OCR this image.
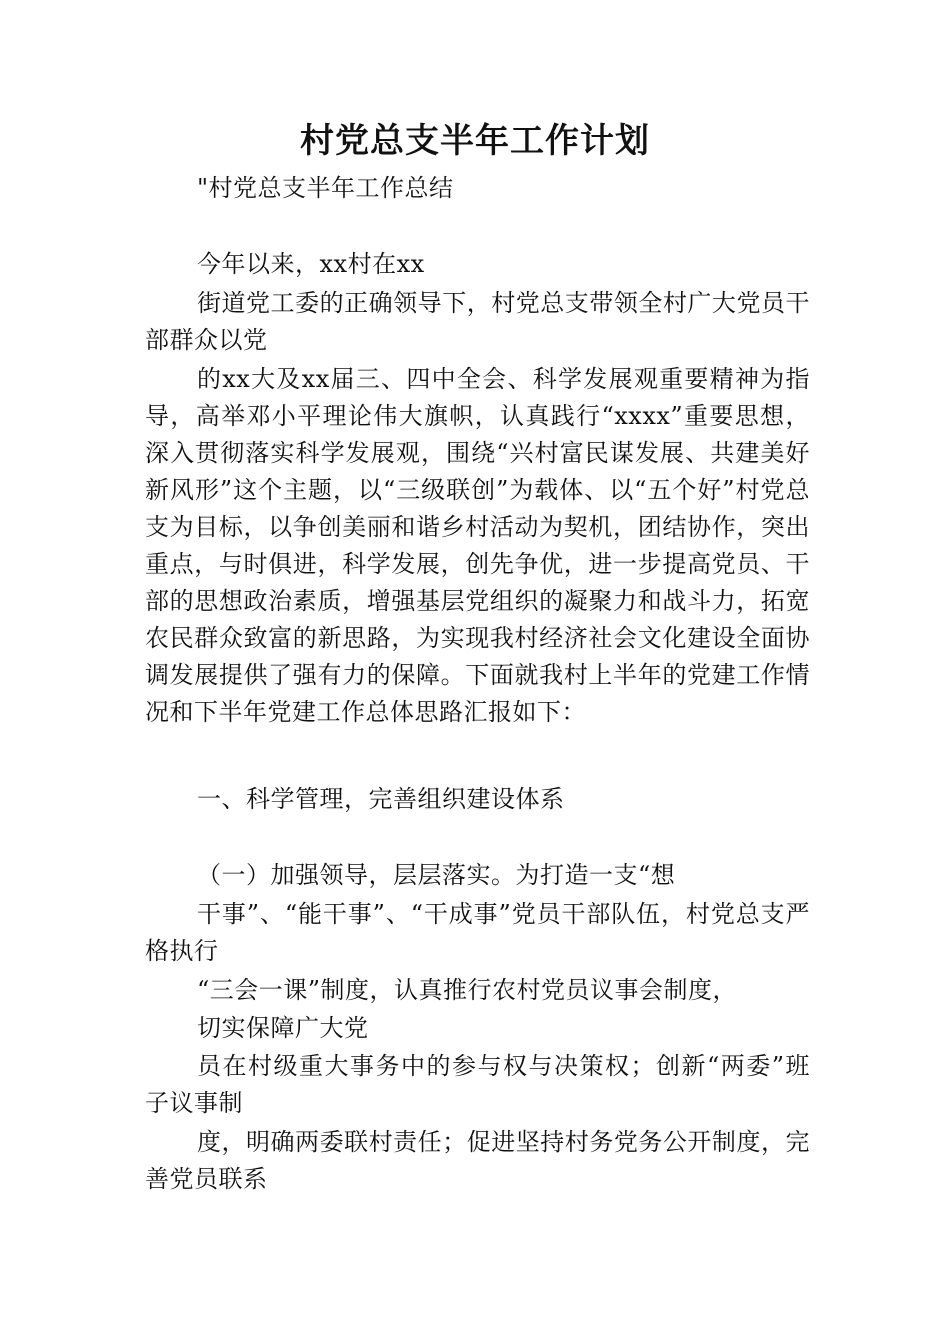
村党总支半年工作计划

"村党总支半年工作总结

今年以来，xx村在xx

街道党工委的正确领导下，村党总支带领全村广大党员干部群众以党

的xx大及xx届三、四中全会、科学发展观重要精神为指导，高举邓小平理论伟大旗帜，认真践行“xxxx”重要思想，深入贯彻落实科学发展观，围绕“兴村富民谋发展、共建美好新风形”这个主题，以“三级联创”为载体、以“五个好”村党总支为目标，以争创美丽和谐乡村活动为契机，团结协作，突出重点，与时俱进，科学发展，创先争优，进一步提高党员、干部的思想政治素质，增强基层党组织的凝聚力和战斗力，拓宽农民群众致富的新思路，为实现我村经济社会文化建设全面协调发展提供了强有力的保障。下面就我村上半年的党建工作情况和下半年党建工作总体思路汇报如下：

一、科学管理，完善组织建设体系

（一）加强领导，层层落实。为打造一支“想

干事”、“能干事”、“干成事”党员干部队伍，村党总支严格执行

“三会一课”制度，认真推行农村党员议事会制度，

切实保障广大党

员在村级重大事务中的参与权与决策权；创新“两委”班子议事制

度，明确两委联村责任；促进坚持村务党务公开制度，完善党员联系
